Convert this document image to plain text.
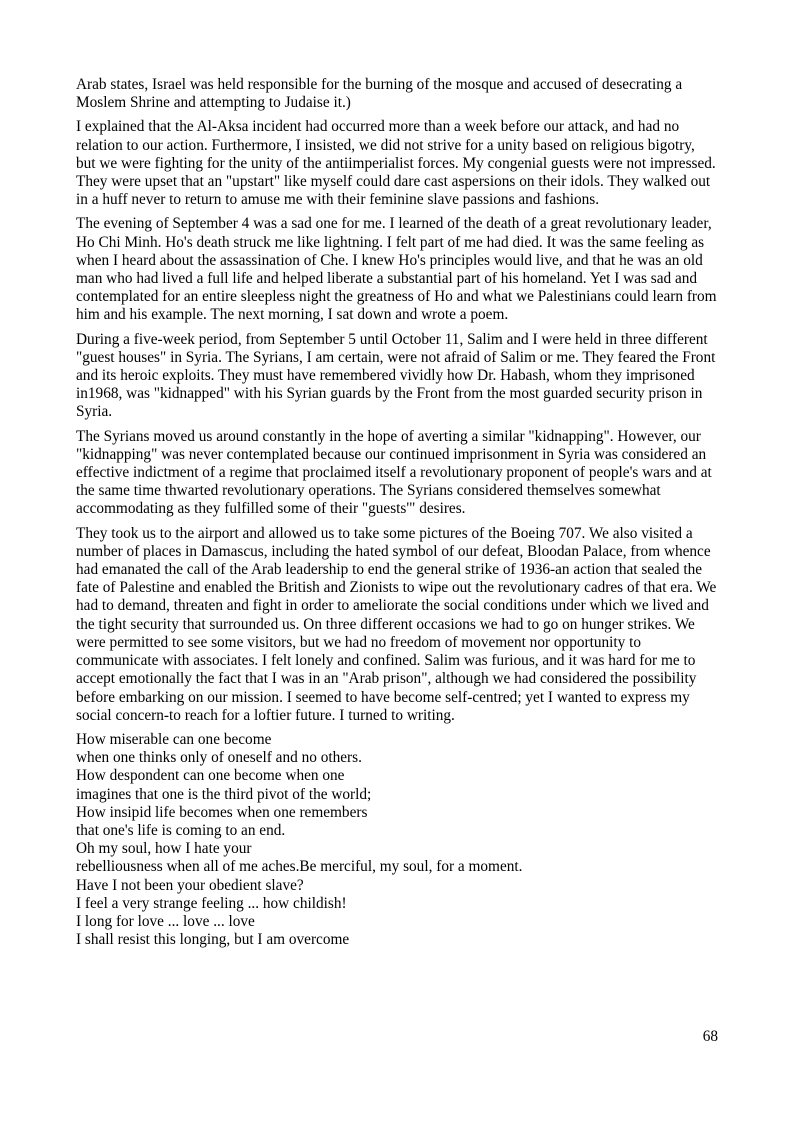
Arab states, Israel was held responsible for the burning of the mosque and accused of desecrating a Moslem Shrine and attempting to Judaise it.)

I explained that the Al-Aksa incident had occurred more than a week before our attack, and had no relation to our action. Furthermore, I insisted, we did not strive for a unity based on religious bigotry, but we were fighting for the unity of the antiimperialist forces. My congenial guests were not impressed. They were upset that an "upstart" like myself could dare cast aspersions on their idols. They walked out in a huff never to return to amuse me with their feminine slave passions and fashions.

The evening of September 4 was a sad one for me. I learned of the death of a great revolutionary leader, Ho Chi Minh. Ho's death struck me like lightning. I felt part of me had died. It was the same feeling as when I heard about the assassination of Che. I knew Ho's principles would live, and that he was an old man who had lived a full life and helped liberate a substantial part of his homeland. Yet I was sad and contemplated for an entire sleepless night the greatness of Ho and what we Palestinians could learn from him and his example. The next morning, I sat down and wrote a poem.

During a five-week period, from September 5 until October 11, Salim and I were held in three different "guest houses" in Syria. The Syrians, I am certain, were not afraid of Salim or me. They feared the Front and its heroic exploits. They must have remembered vividly how Dr. Habash, whom they imprisoned in1968, was "kidnapped" with his Syrian guards by the Front from the most guarded security prison in Syria.

The Syrians moved us around constantly in the hope of averting a similar "kidnapping". However, our "kidnapping" was never contemplated because our continued imprisonment in Syria was considered an effective indictment of a regime that proclaimed itself a revolutionary proponent of people's wars and at the same time thwarted revolutionary operations. The Syrians considered themselves somewhat accommodating as they fulfilled some of their "guests'" desires.

They took us to the airport and allowed us to take some pictures of the Boeing 707. We also visited a number of places in Damascus, including the hated symbol of our defeat, Bloodan Palace, from whence had emanated the call of the Arab leadership to end the general strike of 1936-an action that sealed the fate of Palestine and enabled the British and Zionists to wipe out the revolutionary cadres of that era. We had to demand, threaten and fight in order to ameliorate the social conditions under which we lived and the tight security that surrounded us. On three different occasions we had to go on hunger strikes. We were permitted to see some visitors, but we had no freedom of movement nor opportunity to communicate with associates. I felt lonely and confined. Salim was furious, and it was hard for me to accept emotionally the fact that I was in an "Arab prison", although we had considered the possibility before embarking on our mission. I seemed to have become self-centred; yet I wanted to express my social concern-to reach for a loftier future. I turned to writing.

How miserable can one become
when one thinks only of oneself and no others.
How despondent can one become when one
imagines that one is the third pivot of the world;
How insipid life becomes when one remembers
that one's life is coming to an end.
Oh my soul, how I hate your
rebelliousness when all of me aches.Be merciful, my soul, for a moment.
Have I not been your obedient slave?
I feel a very strange feeling ... how childish!
I long for love ... love ... love
I shall resist this longing, but I am overcome
68
